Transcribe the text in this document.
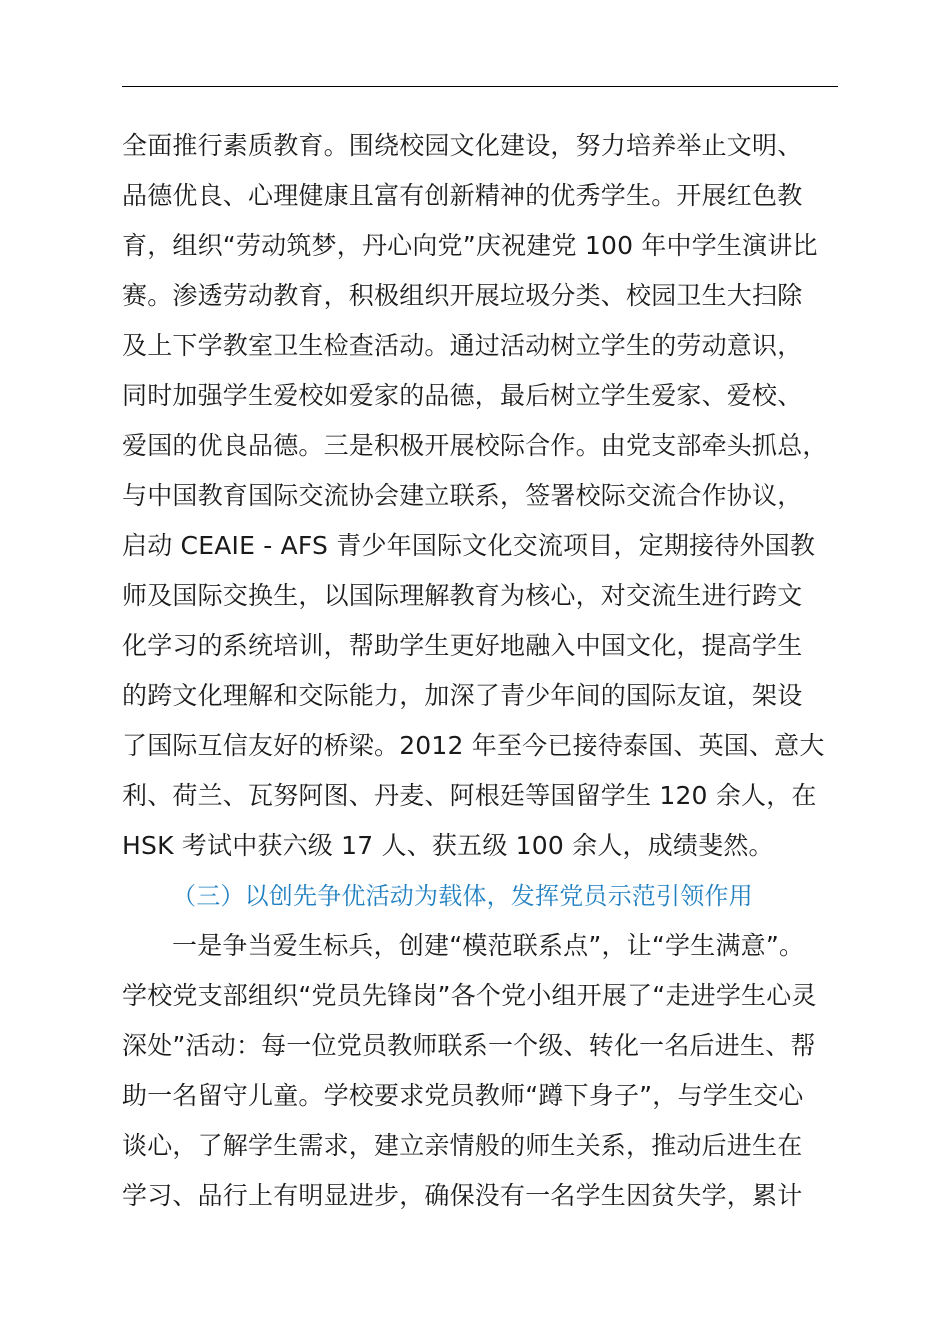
全面推行素质教育。围绕校园文化建设，努力培养举止文明、
品德优良、心理健康且富有创新精神的优秀学生。开展红色教
育，组织“劳动筑梦，丹心向党”庆祝建党 100 年中学生演讲比
赛。渗透劳动教育，积极组织开展垃圾分类、校园卫生大扫除
及上下学教室卫生检查活动。通过活动树立学生的劳动意识，
同时加强学生爱校如爱家的品德，最后树立学生爱家、爱校、
爱国的优良品德。三是积极开展校际合作。由党支部牵头抓总，
与中国教育国际交流协会建立联系，签署校际交流合作协议，
启动 CEAIE - AFS 青少年国际文化交流项目，定期接待外国教
师及国际交换生，以国际理解教育为核心，对交流生进行跨文
化学习的系统培训，帮助学生更好地融入中国文化，提高学生
的跨文化理解和交际能力，加深了青少年间的国际友谊，架设
了国际互信友好的桥梁。2012 年至今已接待泰国、英国、意大
利、荷兰、瓦努阿图、丹麦、阿根廷等国留学生 120 余人，在
HSK 考试中获六级 17 人、获五级 100 余人，成绩斐然。
（三）以创先争优活动为载体，发挥党员示范引领作用
一是争当爱生标兵，创建“模范联系点”，让“学生满意”。
学校党支部组织“党员先锋岗”各个党小组开展了“走进学生心灵
深处”活动：每一位党员教师联系一个级、转化一名后进生、帮
助一名留守儿童。学校要求党员教师“蹲下身子”，与学生交心
谈心，了解学生需求，建立亲情般的师生关系，推动后进生在
学习、品行上有明显进步，确保没有一名学生因贫失学，累计
